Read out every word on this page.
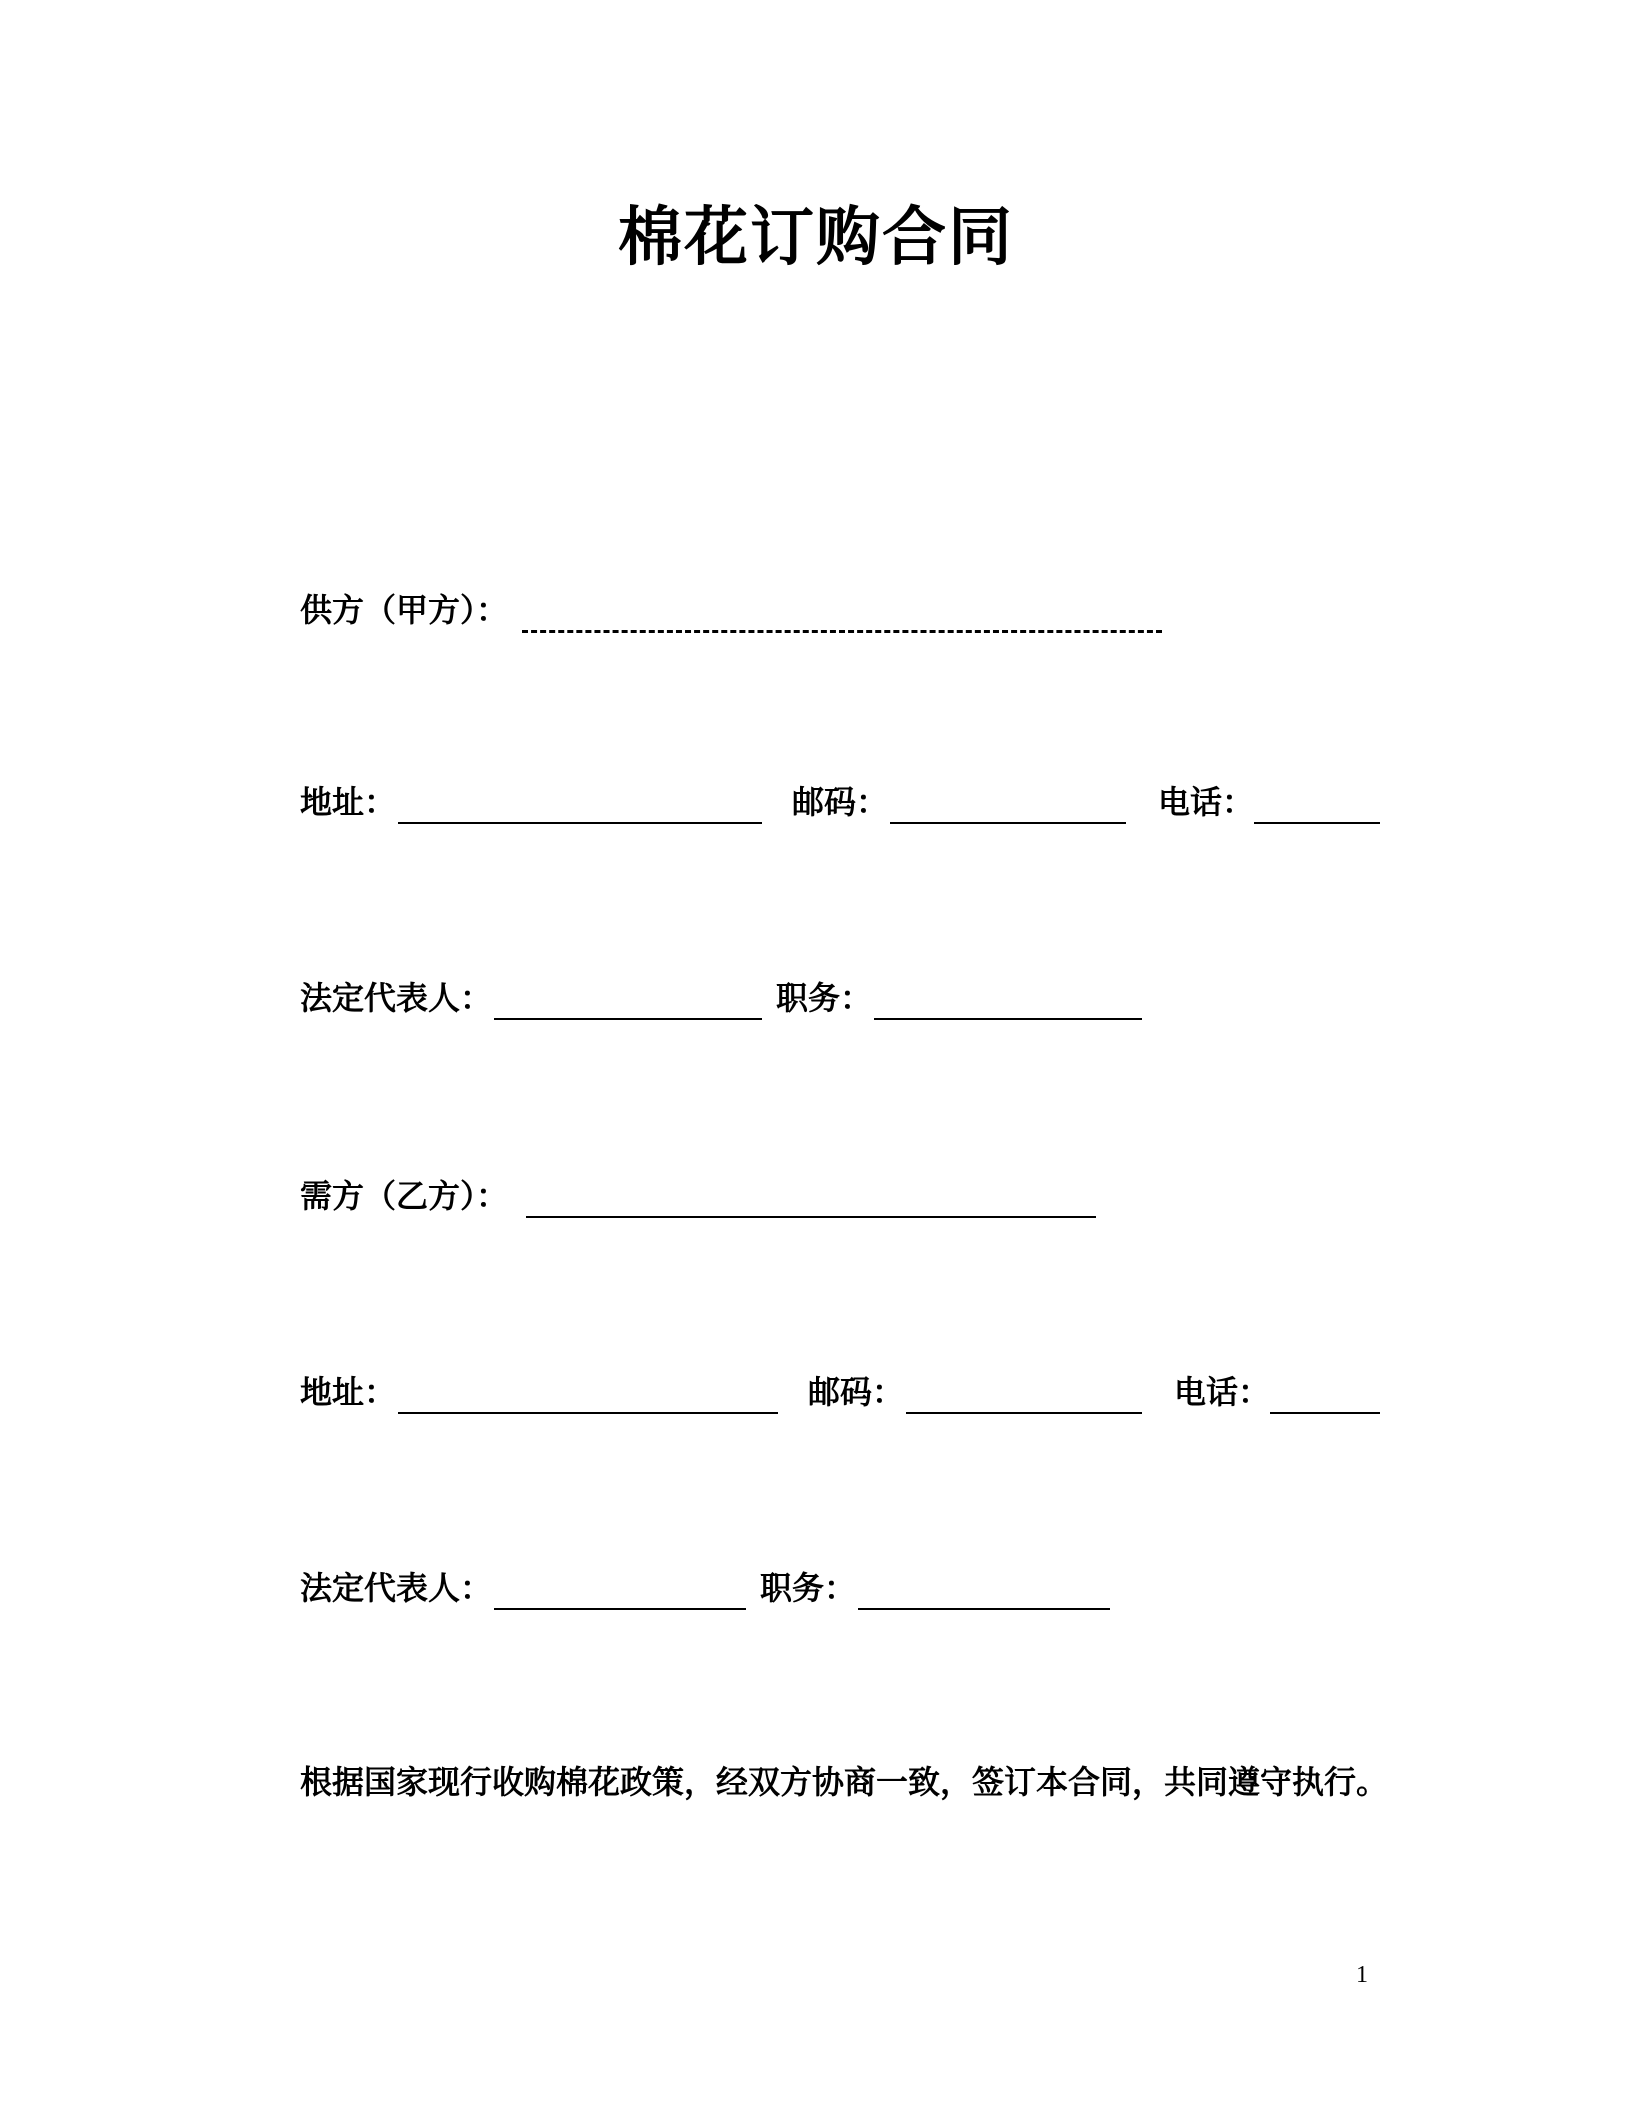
棉花订购合同
供方（甲方）：
地址：	邮码：	电话：
法定代表人：	职务：
需方（乙方）：
地址：	邮码：	电话：
法定代表人：	职务：
根据国家现行收购棉花政策，经双方协商一致，签订本合同，共同遵守执行。
1
